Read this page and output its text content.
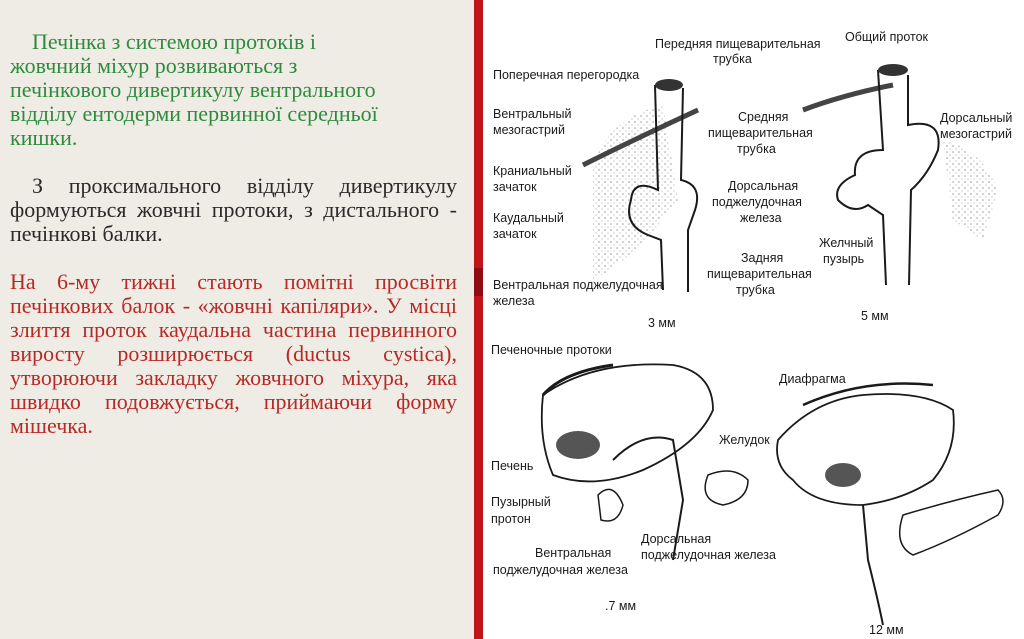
Печінка з системою протоків і
жовчний міхур розвиваються з
печінкового дивертикулу вентрального
відділу ентодерми первинної середньої
кишки.

З проксимального відділу дивертикулу формуються жовчні протоки, з дистального - печінкові балки.

На 6-му тижні стають помітні просвіти печінкових балок - «жовчні капіляри». У місці злиття проток каудальна частина первинного виросту розширюється (ductus cystica), утворюючи закладку жовчного міхура, яка швидко подовжується, приймаючи форму мішечка.

Передняя пищеварительная
трубка
Поперечная перегородка
Вентральный
мезогастрий
Средняя
пищеварительная
трубка
Краниальный
зачаток	Дорсальная
поджелудочная
железа
Каудальный
зачаток
Задняя
пищеварительная
трубка
Вентральная поджелудочная
железа
3 мм
Общий проток
Дорсальный
мезогастрий
Желчный
пузырь
5 мм
Печеночные протоки
Желудок
Печень
Пузырный
протон
Дорсальная
поджелудочная железа
Вентральная
поджелудочная железа
.7 мм
Диафрагма
12 мм
